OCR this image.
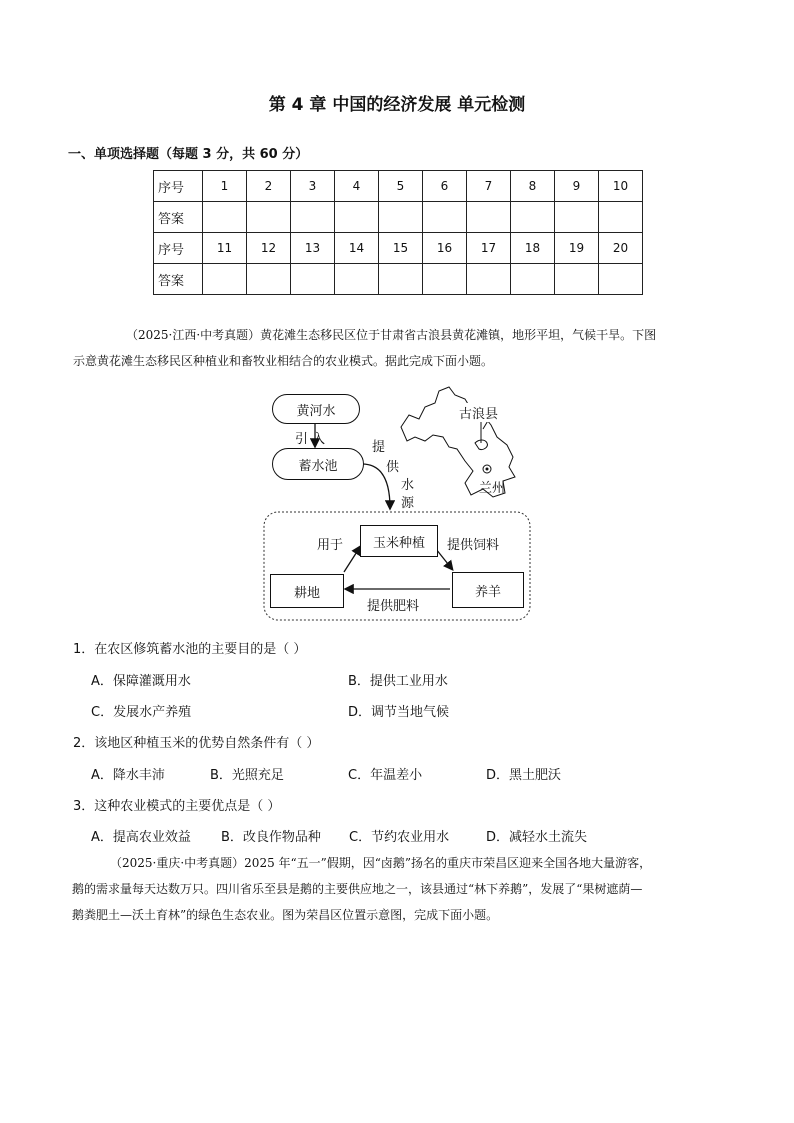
第 4 章 中国的经济发展 单元检测
一、单项选择题（每题 3 分，共 60 分）
序号	1	2	3	4	5	6	7	8	9	10
答案										
序号	11	12	13	14	15	16	17	18	19	20
答案										
（2025·江西·中考真题）黄花滩生态移民区位于甘肃省古浪县黄花滩镇，地形平坦，气候干旱。下图
示意黄花滩生态移民区种植业和畜牧业相结合的农业模式。据此完成下面小题。
黄河水
引 入
蓄水池
提
供
水
源
玉米种植
耕地	养羊
用于	提供饲料
提供肥料
古浪县
兰州
1．在农区修筑蓄水池的主要目的是（ ）
A．保障灌溉用水	B．提供工业用水
C．发展水产养殖	D．调节当地气候
2．该地区种植玉米的优势自然条件有（ ）
A．降水丰沛	B．光照充足	C．年温差小	D．黑土肥沃
3．这种农业模式的主要优点是（ ）
A．提高农业效益 B．改良作物品种 C．节约农业用水	D．减轻水土流失
（2025·重庆·中考真题）2025 年“五一”假期，因“卤鹅”扬名的重庆市荣昌区迎来全国各地大量游客，
鹅的需求量每天达数万只。四川省乐至县是鹅的主要供应地之一，该县通过“林下养鹅”，发展了“果树遮荫—
鹅粪肥土—沃土育林”的绿色生态农业。图为荣昌区位置示意图，完成下面小题。
